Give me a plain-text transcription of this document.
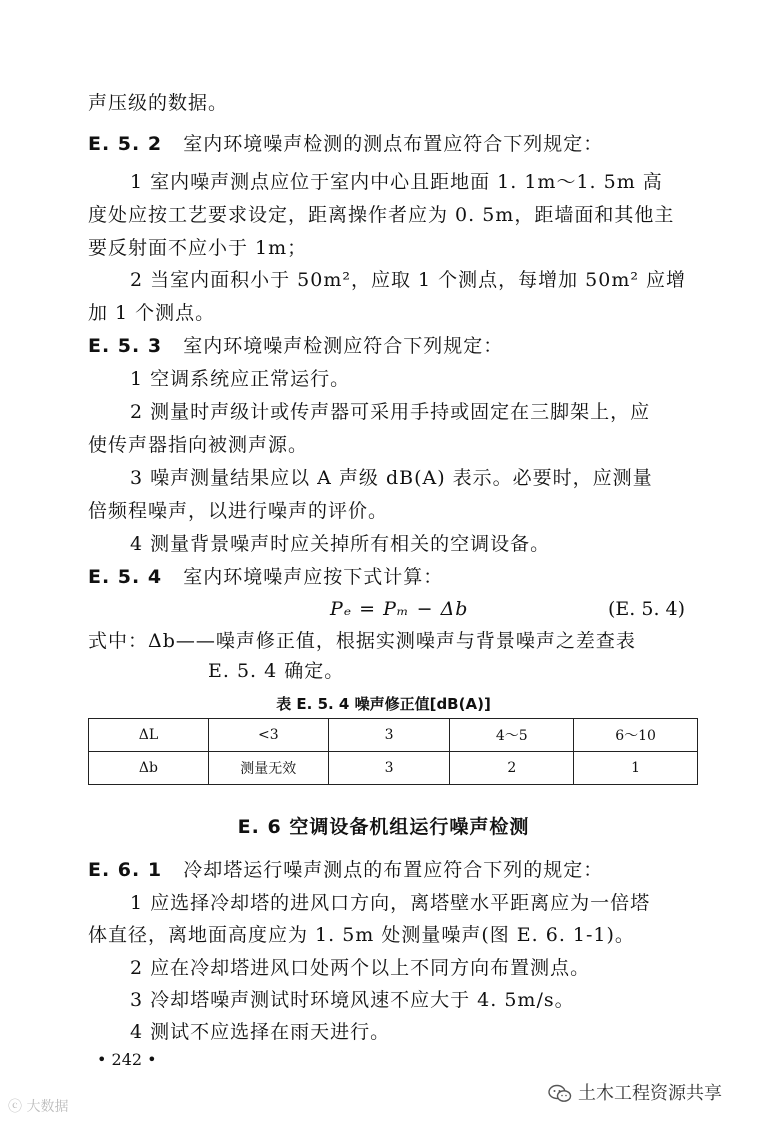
声压级的数据。
E. 5. 2 室内环境噪声检测的测点布置应符合下列规定：
1 室内噪声测点应位于室内中心且距地面 1. 1m～1. 5m 高
度处应按工艺要求设定，距离操作者应为 0. 5m，距墙面和其他主
要反射面不应小于 1m；
2 当室内面积小于 50m²，应取 1 个测点，每增加 50m² 应增
加 1 个测点。
E. 5. 3 室内环境噪声检测应符合下列规定：
1 空调系统应正常运行。
2 测量时声级计或传声器可采用手持或固定在三脚架上，应
使传声器指向被测声源。
3 噪声测量结果应以 A 声级 dB(A) 表示。必要时，应测量
倍频程噪声，以进行噪声的评价。
4 测量背景噪声时应关掉所有相关的空调设备。
E. 5. 4 室内环境噪声应按下式计算：
Pₑ = Pₘ − Δb	(E. 5. 4)
式中：Δb——噪声修正值，根据实测噪声与背景噪声之差查表
E. 5. 4 确定。
表 E. 5. 4 噪声修正值[dB(A)]
ΔL	<3	3	4～5	6～10
Δb	测量无效	3	2	1
E. 6 空调设备机组运行噪声检测
E. 6. 1 冷却塔运行噪声测点的布置应符合下列的规定：
1 应选择冷却塔的进风口方向，离塔壁水平距离应为一倍塔
体直径，离地面高度应为 1. 5m 处测量噪声(图 E. 6. 1-1)。
2 应在冷却塔进风口处两个以上不同方向布置测点。
3 冷却塔噪声测试时环境风速不应大于 4. 5m/s。
4 测试不应选择在雨天进行。
• 242 •
土木工程资源共享
ⓒ 大数据
